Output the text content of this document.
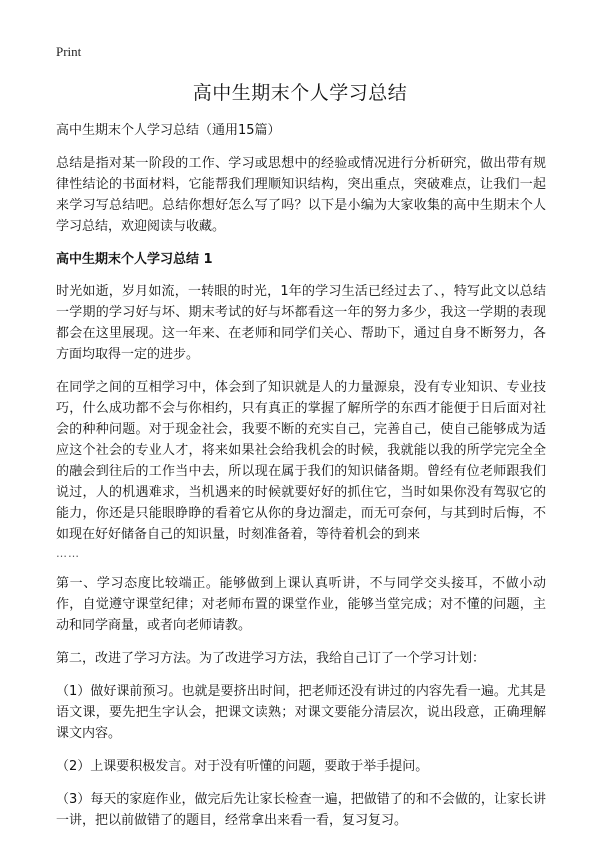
Print
高中生期末个人学习总结

高中生期末个人学习总结（通用15篇）

总结是指对某一阶段的工作、学习或思想中的经验或情况进行分析研究，做出带有规律性结论的书面材料，它能帮我们理顺知识结构，突出重点，突破难点，让我们一起来学习写总结吧。总结你想好怎么写了吗？以下是小编为大家收集的高中生期末个人学习总结，欢迎阅读与收藏。

高中生期末个人学习总结 1

时光如逝，岁月如流，一转眼的时光，1年的学习生活已经过去了、，特写此文以总结一学期的学习好与坏、期末考试的好与坏都看这一年的努力多少，我这一学期的表现都会在这里展现。这一年来、在老师和同学们关心、帮助下，通过自身不断努力，各方面均取得一定的进步。

在同学之间的互相学习中，体会到了知识就是人的力量源泉，没有专业知识、专业技巧，什么成功都不会与你相约，只有真正的掌握了解所学的东西才能便于日后面对社会的种种问题。对于现金社会，我要不断的充实自己，完善自己，使自己能够成为适应这个社会的专业人才，将来如果社会给我机会的时候，我就能以我的所学完完全全的融会到往后的工作当中去，所以现在属于我们的知识储备期。曾经有位老师跟我们说过，人的机遇难求，当机遇来的时候就要好好的抓住它，当时如果你没有驾驭它的能力，你还是只能眼睁睁的看着它从你的身边溜走，而无可奈何，与其到时后悔，不如现在好好储备自己的知识量，时刻准备着，等待着机会的到来
……

第一、学习态度比较端正。能够做到上课认真听讲，不与同学交头接耳，不做小动作，自觉遵守课堂纪律；对老师布置的课堂作业，能够当堂完成；对不懂的问题，主动和同学商量，或者向老师请教。

第二，改进了学习方法。为了改进学习方法，我给自己订了一个学习计划：

（1）做好课前预习。也就是要挤出时间，把老师还没有讲过的内容先看一遍。尤其是语文课，要先把生字认会，把课文读熟；对课文要能分清层次，说出段意，正确理解课文内容。

（2）上课要积极发言。对于没有听懂的问题，要敢于举手提问。

（3）每天的家庭作业，做完后先让家长检查一遍，把做错了的和不会做的，让家长讲一讲，把以前做错了的题目，经常拿出来看一看，复习复习。
